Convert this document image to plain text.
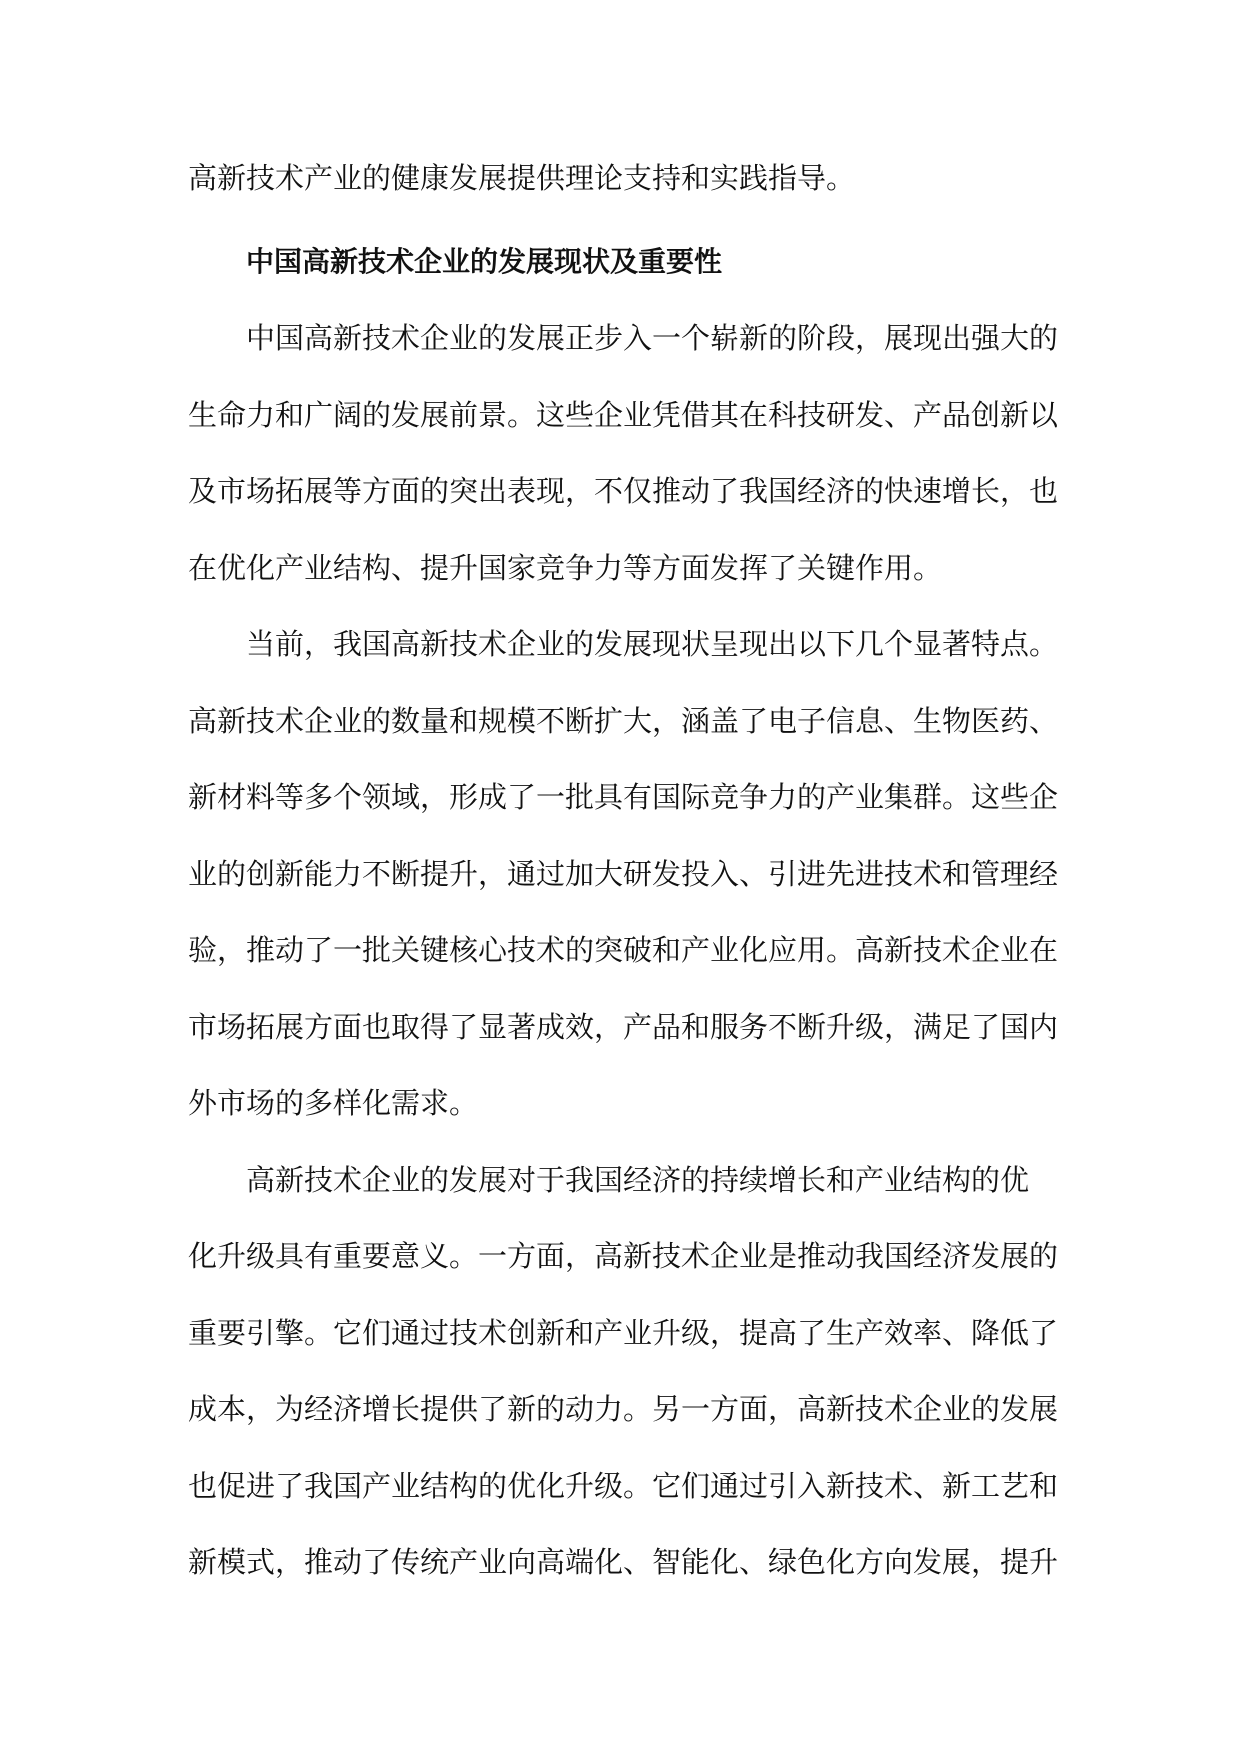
高新技术产业的健康发展提供理论支持和实践指导。
中国高新技术企业的发展现状及重要性
中国高新技术企业的发展正步入一个崭新的阶段，展现出强大的
生命力和广阔的发展前景。这些企业凭借其在科技研发、产品创新以
及市场拓展等方面的突出表现，不仅推动了我国经济的快速增长，也
在优化产业结构、提升国家竞争力等方面发挥了关键作用。
当前，我国高新技术企业的发展现状呈现出以下几个显著特点。
高新技术企业的数量和规模不断扩大，涵盖了电子信息、生物医药、
新材料等多个领域，形成了一批具有国际竞争力的产业集群。这些企
业的创新能力不断提升，通过加大研发投入、引进先进技术和管理经
验，推动了一批关键核心技术的突破和产业化应用。高新技术企业在
市场拓展方面也取得了显著成效，产品和服务不断升级，满足了国内
外市场的多样化需求。
高新技术企业的发展对于我国经济的持续增长和产业结构的优
化升级具有重要意义。一方面，高新技术企业是推动我国经济发展的
重要引擎。它们通过技术创新和产业升级，提高了生产效率、降低了
成本，为经济增长提供了新的动力。另一方面，高新技术企业的发展
也促进了我国产业结构的优化升级。它们通过引入新技术、新工艺和
新模式，推动了传统产业向高端化、智能化、绿色化方向发展，提升
